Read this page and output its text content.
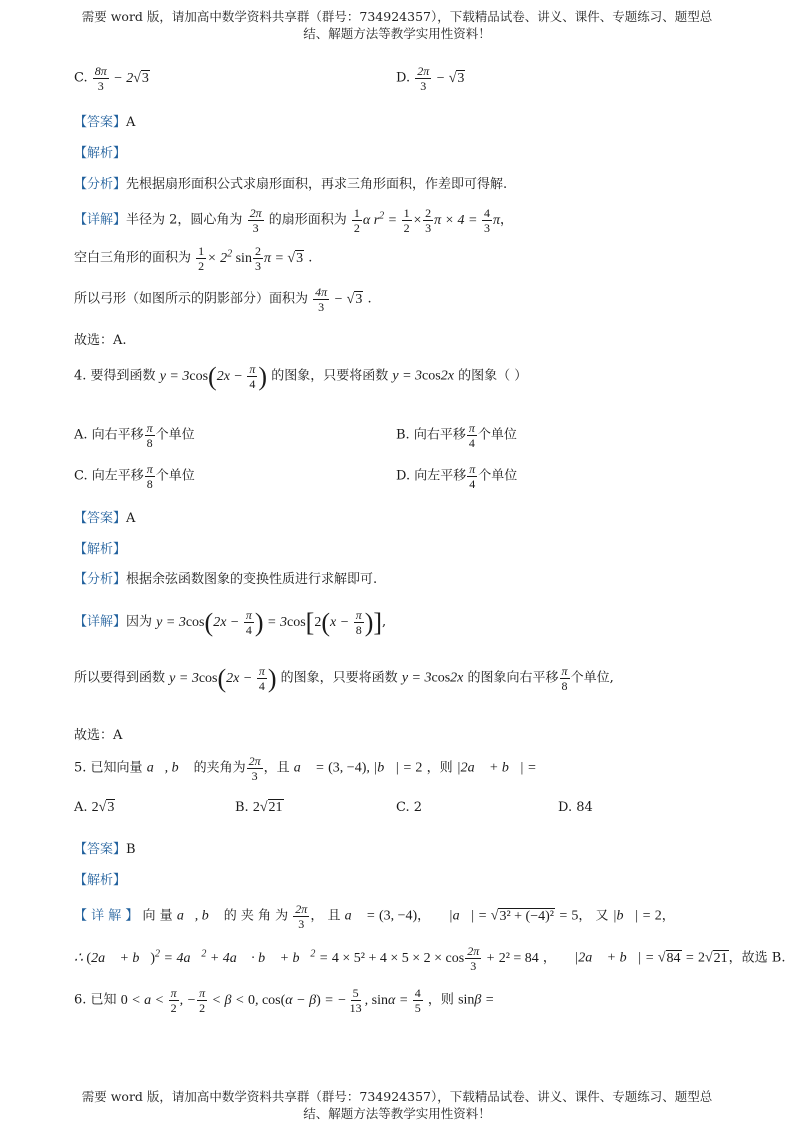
需要 word 版，请加高中数学资料共享群（群号：734924357），下载精品试卷、讲义、课件、专题练习、题型总
结、解题方法等教学实用性资料！
C. $\frac{8\pi}{3} - 2√3$	D. $\frac{2\pi}{3} - √3$
【答案】A
【解析】
【分析】先根据扇形面积公式求扇形面积，再求三角形面积，作差即可得解.
【详解】半径为 2，圆心角为 $\frac{2\pi}{3}$ 的扇形面积为 $\frac{1}{2}$ α $r^2 = \frac{1}{2} \times \frac{2}{3}$ $\pi \times 4 = \frac{4}{3}$ π，
空白三角形的面积为 $\frac{1}{2} \times 2^2$ $\sin \frac{2}{3}$ π = √3 .
所以弓形（如图所示的阴影部分）面积为 $\frac{4\pi}{3} - √3$ .
故选：A.
4. 要得到函数 $y = 3\cos(2x - \frac{\pi}{4}$ ) 的图象，只要将函数 y = 3cos2x 的图象（ ）
A. 向右平移 $\frac{\pi}{8}$ 个单位	B. 向右平移 $\frac{\pi}{4}$ 个单位
C. 向左平移 $\frac{\pi}{8}$ 个单位	D. 向左平移 $\frac{\pi}{4}$ 个单位
【答案】A
【解析】
【分析】根据余弦函数图象的变换性质进行求解即可.
【详解】因为 $y = 3\cos(2x - \frac{\pi}{4}$ ) = $3\cos[2(x - \frac{\pi}{8}$ )],
所以要得到函数 $y = 3\cos(2x - \frac{\pi}{4}$ ) 的图象，只要将函数 y = 3cos2x 的图象向右平移 $\frac{\pi}{8}$ 个单位,
故选：A
5. 已知向量 a⃗, b⃗ 的夹角为 $\frac{2\pi}{3}$ ，且 a⃗ = (3, −4), |b⃗| = 2 ，则 |2a⃗ + b⃗| =
A. 2√3	B. 2√21	C. 2	D. 84
【答案】B
【解析】
【 详 解 】 向 量 a⃗, b⃗ 的 夹 角 为 $\frac{2\pi}{3}$ ， 且 a⃗ = (3, −4)， ∴ |a⃗| = √3² + (−4)² = 5， 又 |b⃗| = 2，
∴ (2a⃗ + b⃗)$^2$ = 4a⃗$^2$ + 4a⃗ · b⃗ + b⃗$^2$ = $4 \times 5^2 + 4 \times 5 \times 2 \times \cos \frac{2\pi}{3} + 2^2 = 84$ ， ∴ |2a⃗ + b⃗| = √84 = 2√21，故选 B.
6. 已知 $0 < a < \frac{\pi}{2}$ , − $\frac{\pi}{2} < \beta < 0$, cos(α − β) = − $\frac{5}{13}$ , $\sin\alpha = \frac{4}{5}$ ，则 sinβ =
需要 word 版，请加高中数学资料共享群（群号：734924357），下载精品试卷、讲义、课件、专题练习、题型总
结、解题方法等教学实用性资料！
